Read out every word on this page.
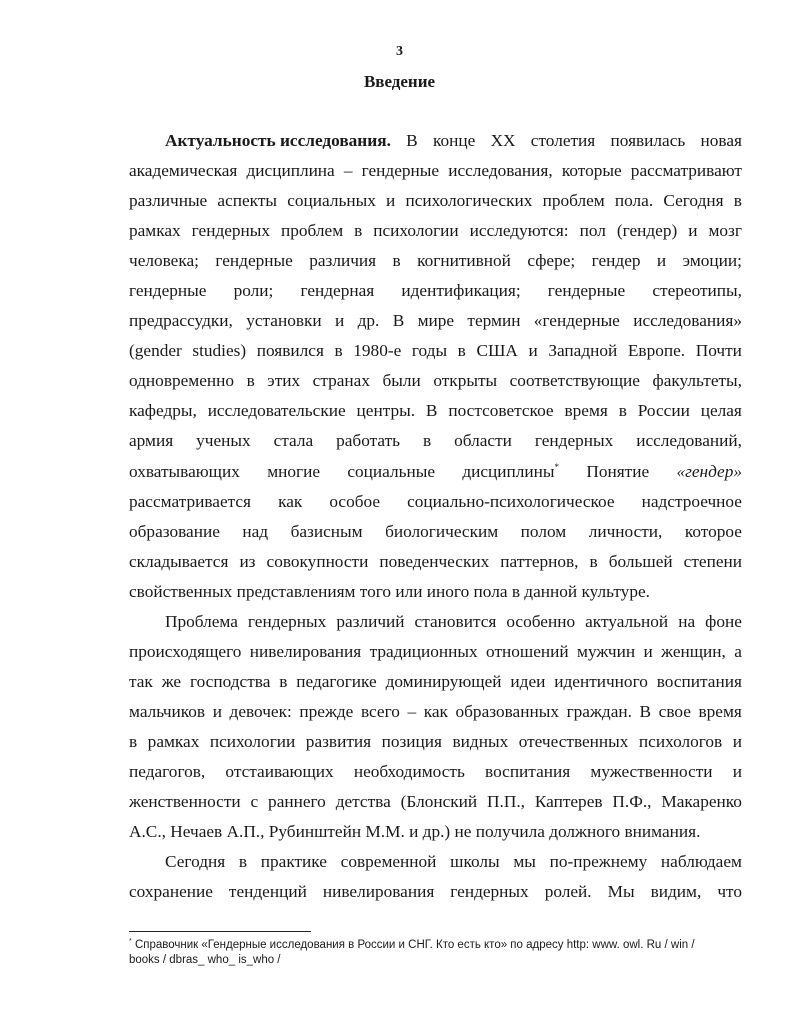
3
Введение
Актуальность исследования. В конце XX столетия появилась новая
академическая дисциплина – гендерные исследования, которые рассматривают
различные аспекты социальных и психологических проблем пола. Сегодня в
рамках гендерных проблем в психологии исследуются: пол (гендер) и мозг
человека; гендерные различия в когнитивной сфере; гендер и эмоции;
гендерные роли; гендерная идентификация; гендерные стереотипы,
предрассудки, установки и др. В мире термин «гендерные исследования»
(gender studies) появился в 1980-е годы в США и Западной Европе. Почти
одновременно в этих странах были открыты соответствующие факультеты,
кафедры, исследовательские центры. В постсоветское время в России целая
армия ученых стала работать в области гендерных исследований,
охватывающих многие социальные дисциплины* Понятие «гендер»
рассматривается как особое социально-психологическое надстроечное
образование над базисным биологическим полом личности, которое
складывается из совокупности поведенческих паттернов, в большей степени
свойственных представлениям того или иного пола в данной культуре.
Проблема гендерных различий становится особенно актуальной на фоне
происходящего нивелирования традиционных отношений мужчин и женщин, а
так же господства в педагогике доминирующей идеи идентичного воспитания
мальчиков и девочек: прежде всего – как образованных граждан. В свое время
в рамках психологии развития позиция видных отечественных психологов и
педагогов, отстаивающих необходимость воспитания мужественности и
женственности с раннего детства (Блонский П.П., Каптерев П.Ф., Макаренко
А.С., Нечаев А.П., Рубинштейн М.М. и др.) не получила должного внимания.
Сегодня в практике современной школы мы по-прежнему наблюдаем
сохранение тенденций нивелирования гендерных ролей. Мы видим, что
* Справочник «Гендерные исследования в России и СНГ. Кто есть кто» по адресу http: www. owl. Ru / win /
books / dbras_ who_ is_who /
